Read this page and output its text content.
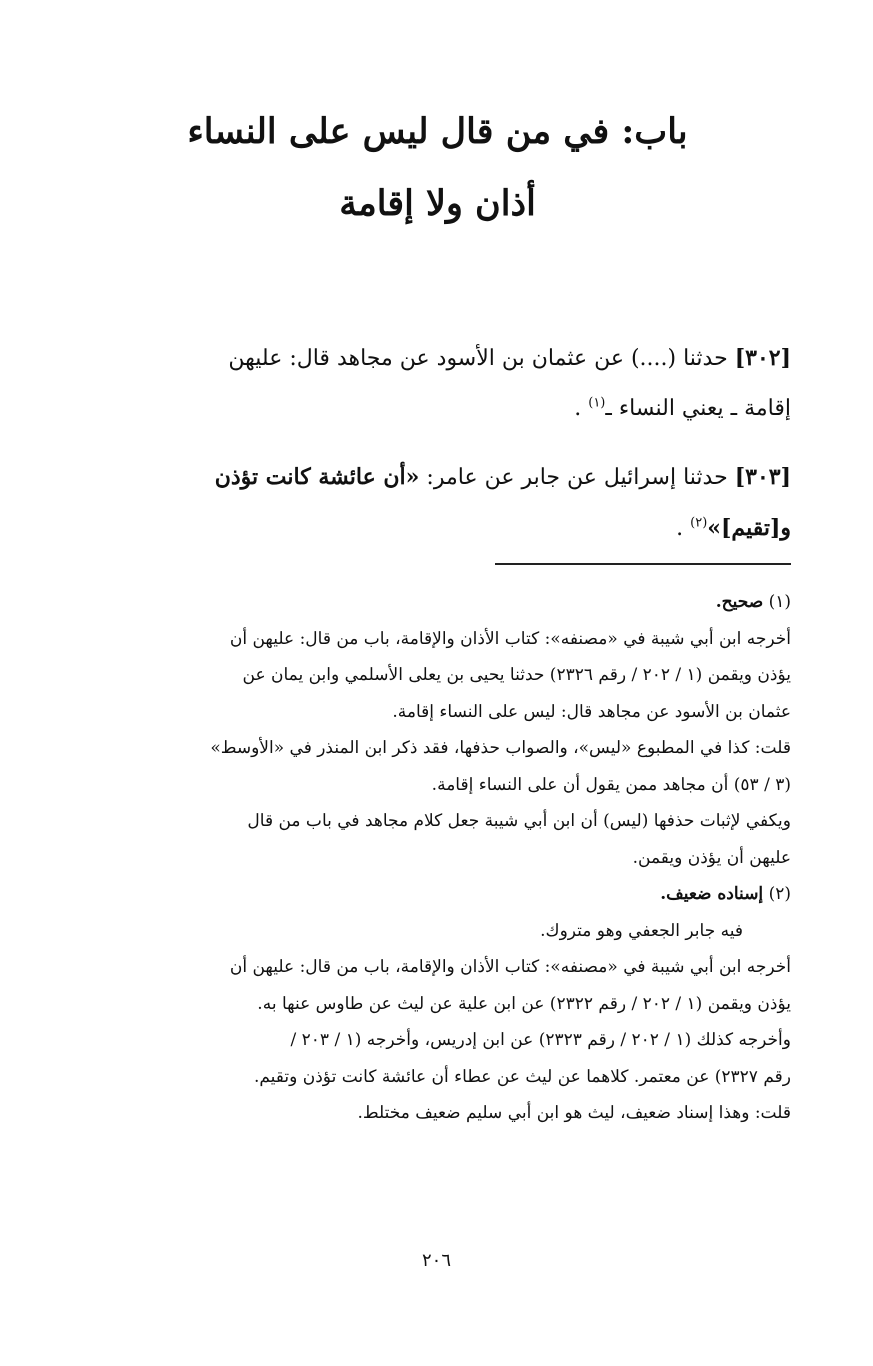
باب: في من قال ليس على النساء
أذان ولا إقامة
[٣٠٢] حدثنا (....) عن عثمان بن الأسود عن مجاهد قال: عليهن
إقامة ـ يعني النساء ـ$^{(١)}$ .
[٣٠٣] حدثنا إسرائيل عن جابر عن عامر: «أن عائشة كانت تؤذن
و[تقيم]»$^{(٢)}$ .
(١) صحيح.
أخرجه ابن أبي شيبة في «مصنفه»: كتاب الأذان والإقامة، باب من قال: عليهن أن
يؤذن ويقمن (١ / ٢٠٢ / رقم ٢٣٢٦) حدثنا يحيى بن يعلى الأسلمي وابن يمان عن
عثمان بن الأسود عن مجاهد قال: ليس على النساء إقامة.
قلت: كذا في المطبوع «ليس»، والصواب حذفها، فقد ذكر ابن المنذر في «الأوسط»
(٣ / ٥٣) أن مجاهد ممن يقول أن على النساء إقامة.
ويكفي لإثبات حذفها (ليس) أن ابن أبي شيبة جعل كلام مجاهد في باب من قال
عليهن أن يؤذن ويقمن.
(٢) إسناده ضعيف.
فيه جابر الجعفي وهو متروك.
أخرجه ابن أبي شيبة في «مصنفه»: كتاب الأذان والإقامة، باب من قال: عليهن أن
يؤذن ويقمن (١ / ٢٠٢ / رقم ٢٣٢٢) عن ابن علية عن ليث عن طاوس عنها به.
وأخرجه كذلك (١ / ٢٠٢ / رقم ٢٣٢٣) عن ابن إدريس، وأخرجه (١ / ٢٠٣ /
رقم ٢٣٢٧) عن معتمر. كلاهما عن ليث عن عطاء أن عائشة كانت تؤذن وتقيم.
قلت: وهذا إسناد ضعيف، ليث هو ابن أبي سليم ضعيف مختلط.
٢٠٦
